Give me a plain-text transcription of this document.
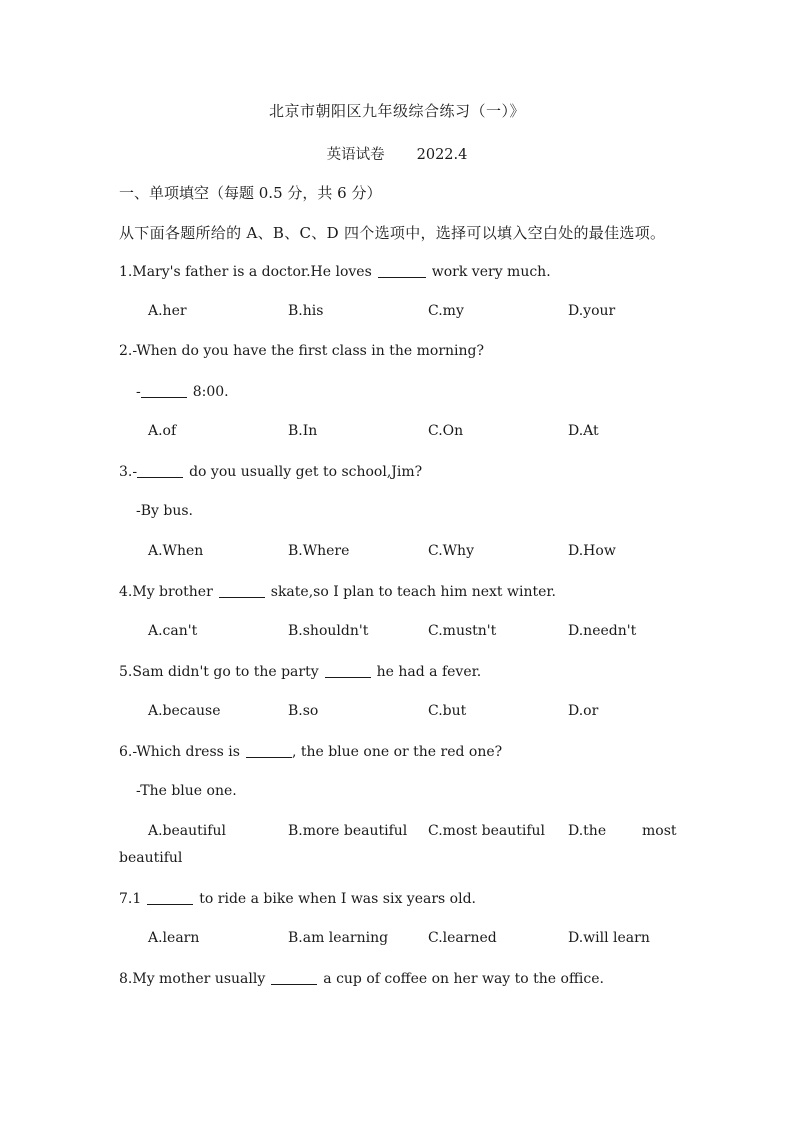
北京市朝阳区九年级综合练习（一）》
英语试卷 2022.4
一、单项填空（每题 0.5 分，共 6 分）
从下面各题所给的 A、B、C、D 四个选项中，选择可以填入空白处的最佳选项。
1.Mary's father is a doctor.He loves	work very much.
A.her	B.his	C.my	D.your
2.-When do you have the first class in the morning?
-	8:00.
A.of	B.In	C.On	D.At
3.-	do you usually get to school,Jim?
-By bus.
A.When	B.Where	C.Why	D.How
4.My brother	skate,so I plan to teach him next winter.
A.can't	B.shouldn't	C.mustn't	D.needn't
5.Sam didn't go to the party	he had a fever.
A.because	B.so	C.but	D.or
6.-Which dress is	, the blue one or the red one?
-The blue one.
A.beautiful	B.more beautiful C.most beautiful D.the	most
beautiful
7.1	to ride a bike when I was six years old.
A.learn	B.am learning	C.learned	D.will learn
8.My mother usually	a cup of coffee on her way to the office.
